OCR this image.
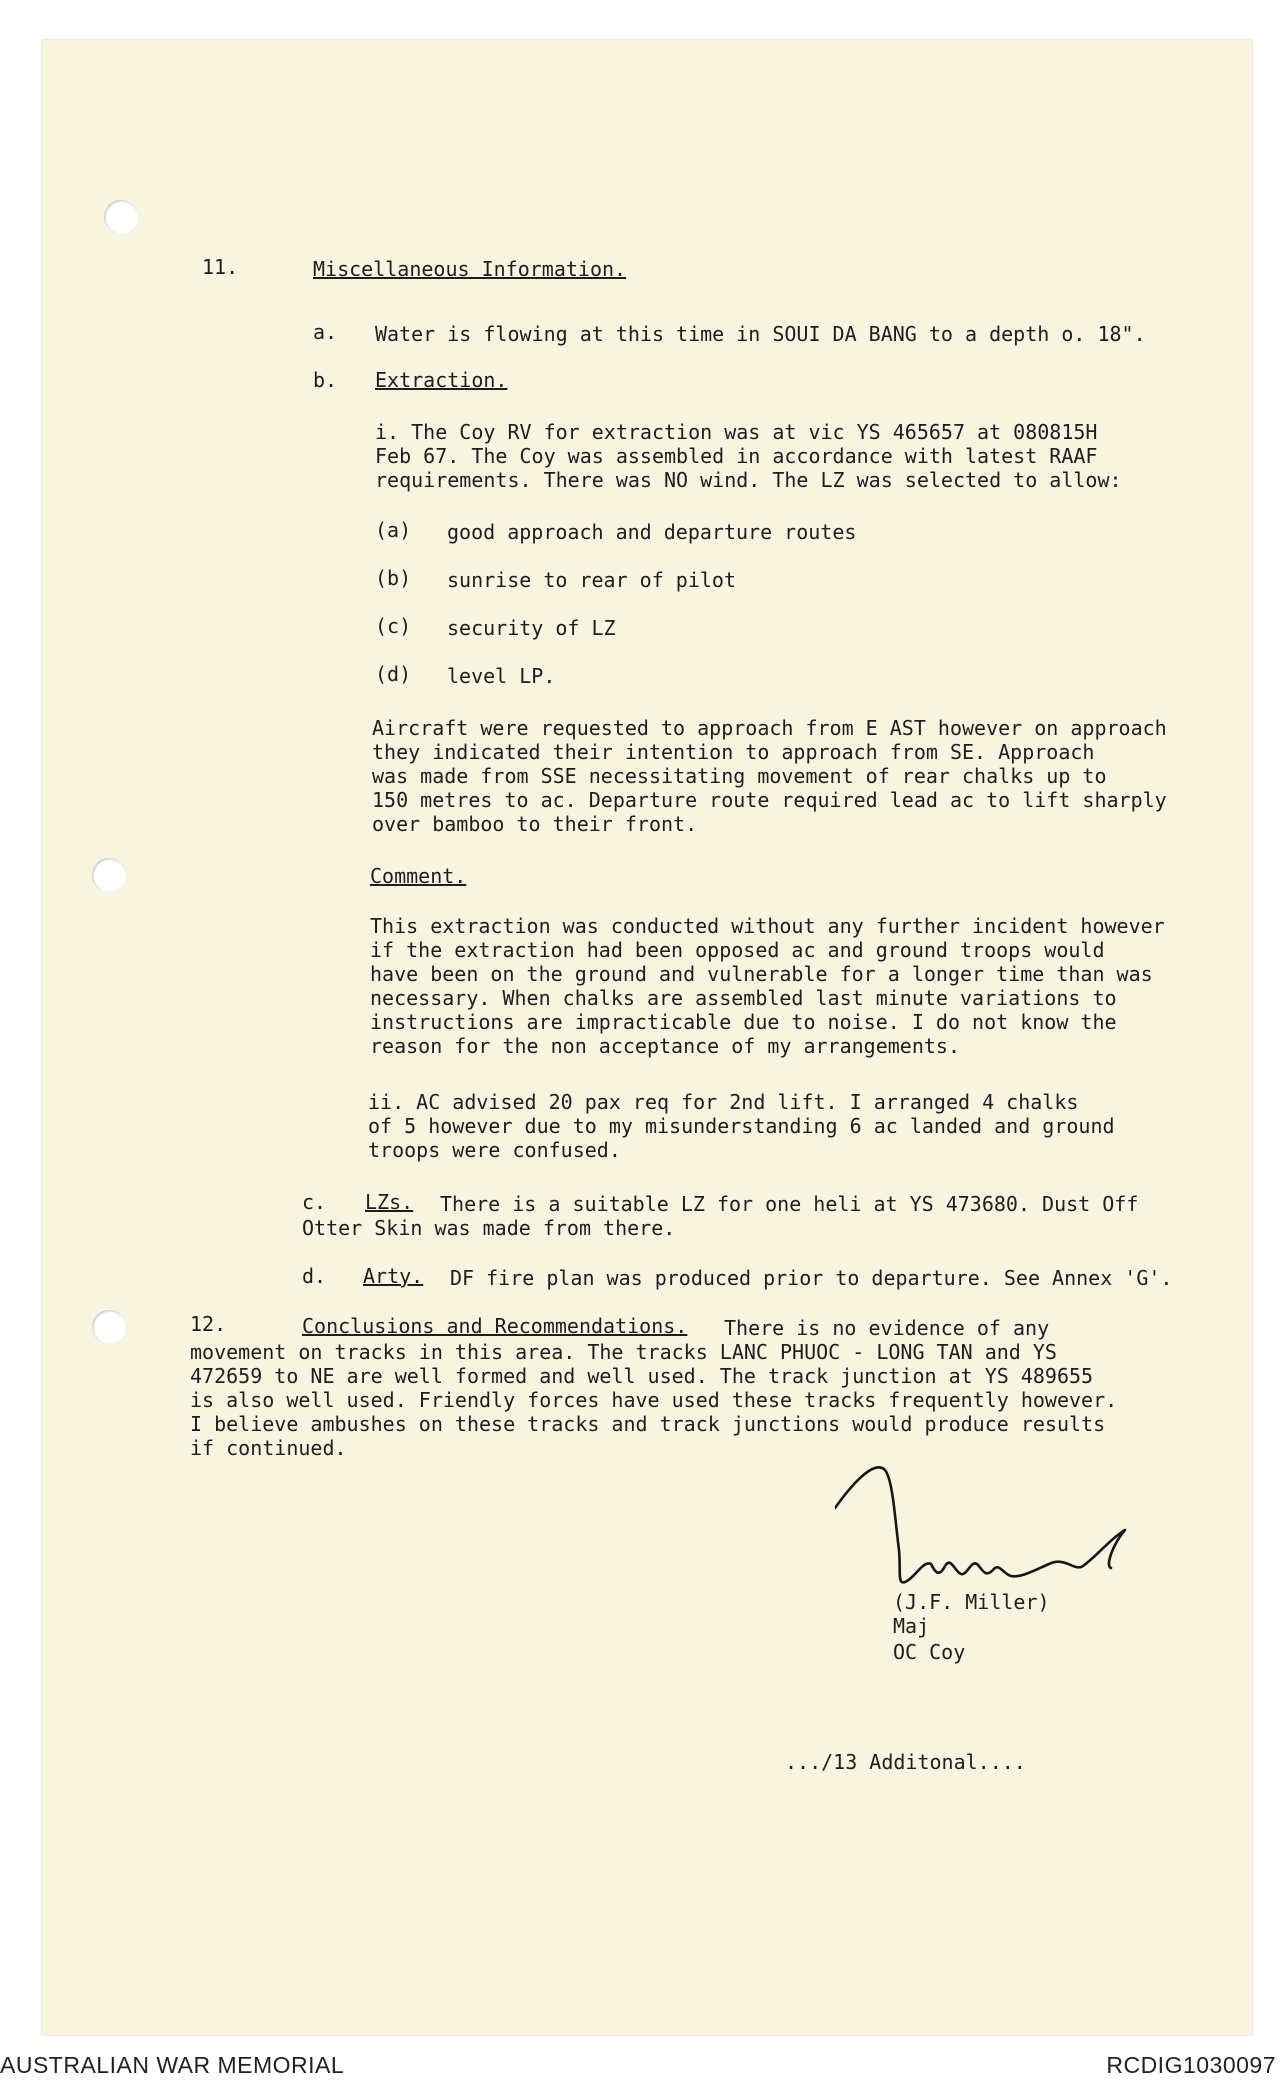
11.	Miscellaneous Information.
a. Water is flowing at this time in SOUI DA BANG to a depth o. 18".
b. Extraction.
i. The Coy RV for extraction was at vic YS 465657 at 080815H
Feb 67. The Coy was assembled in accordance with latest RAAF
requirements. There was NO wind. The LZ was selected to allow:
(a) good approach and departure routes
(b) sunrise to rear of pilot
(c) security of LZ
(d) level LP.
Aircraft were requested to approach from E AST however on approach
they indicated their intention to approach from SE. Approach
was made from SSE necessitating movement of rear chalks up to
150 metres to ac. Departure route required lead ac to lift sharply
over bamboo to their front.
Comment.
This extraction was conducted without any further incident however
if the extraction had been opposed ac and ground troops would
have been on the ground and vulnerable for a longer time than was
necessary. When chalks are assembled last minute variations to
instructions are impracticable due to noise. I do not know the
reason for the non acceptance of my arrangements.
ii. AC advised 20 pax req for 2nd lift. I arranged 4 chalks
of 5 however due to my misunderstanding 6 ac landed and ground
troops were confused.
c. LZs. There is a suitable LZ for one heli at YS 473680. Dust Off
Otter Skin was made from there.
d. Arty. DF fire plan was produced prior to departure. See Annex 'G'.
12.	Conclusions and Recommendations. There is no evidence of any
movement on tracks in this area. The tracks LANC PHUOC - LONG TAN and YS
472659 to NE are well formed and well used. The track junction at YS 489655
is also well used. Friendly forces have used these tracks frequently however.
I believe ambushes on these tracks and track junctions would produce results
if continued.
(J.F. Miller)
Maj
OC Coy
.../13 Additonal....
AUSTRALIAN WAR MEMORIAL	RCDIG1030097
